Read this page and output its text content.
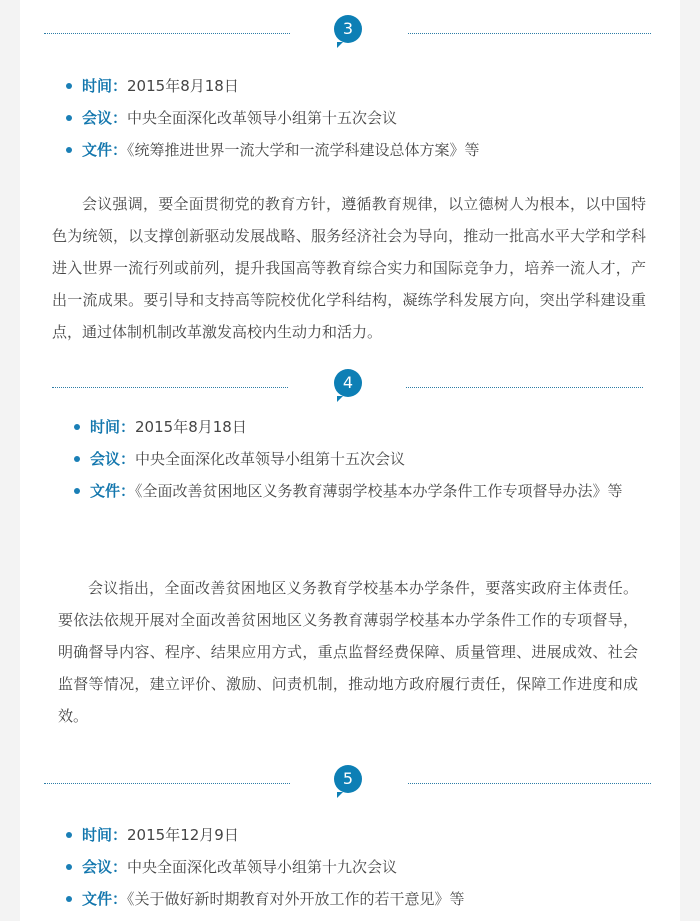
3
时间：2015年8月18日
会议：中央全面深化改革领导小组第十五次会议
文件：《统筹推进世界一流大学和一流学科建设总体方案》等

会议强调，要全面贯彻党的教育方针，遵循教育规律，以立德树人为根本，以中国特色为统领，以支撑创新驱动发展战略、服务经济社会为导向，推动一批高水平大学和学科进入世界一流行列或前列，提升我国高等教育综合实力和国际竞争力，培养一流人才，产出一流成果。要引导和支持高等院校优化学科结构，凝练学科发展方向，突出学科建设重点，通过体制机制改革激发高校内生动力和活力。

4
时间：2015年8月18日
会议：中央全面深化改革领导小组第十五次会议
文件：《全面改善贫困地区义务教育薄弱学校基本办学条件工作专项督导办法》等

会议指出，全面改善贫困地区义务教育学校基本办学条件，要落实政府主体责任。要依法依规开展对全面改善贫困地区义务教育薄弱学校基本办学条件工作的专项督导，明确督导内容、程序、结果应用方式，重点监督经费保障、质量管理、进展成效、社会监督等情况，建立评价、激励、问责机制，推动地方政府履行责任，保障工作进度和成效。

5
时间：2015年12月9日
会议：中央全面深化改革领导小组第十九次会议
文件：《关于做好新时期教育对外开放工作的若干意见》等
